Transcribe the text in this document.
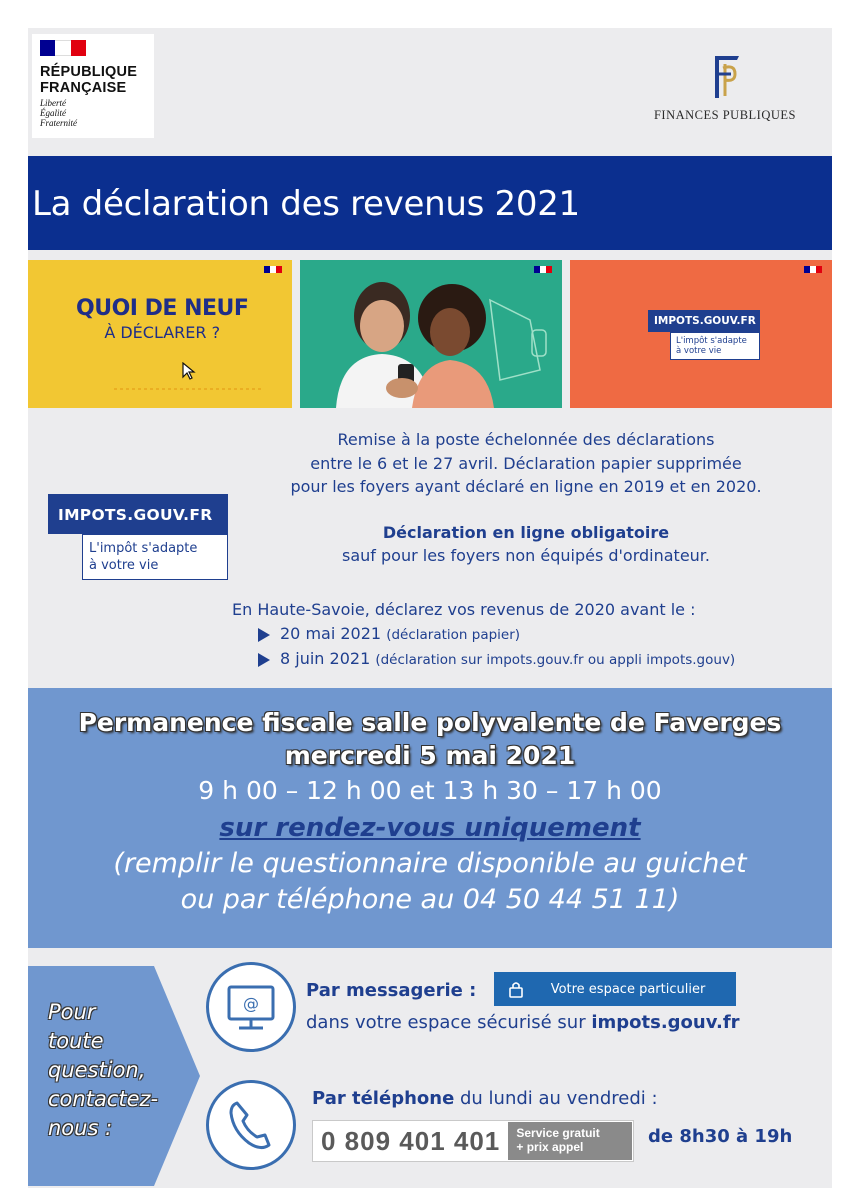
RÉPUBLIQUE
FRANÇAISE
Liberté
Égalité
Fraternité
FINANCES PUBLIQUES
La déclaration des revenus 2021
QUOI DE NEUF
À DÉCLARER ?
IMPOTS.GOUV.FR
L'impôt s'adapte à votre vie
IMPOTS.GOUV.FR
L'impôt s'adapte
à votre vie
Remise à la poste échelonnée des déclarations
entre le 6 et le 27 avril. Déclaration papier supprimée
pour les foyers ayant déclaré en ligne en 2019 et en 2020.
Déclaration en ligne obligatoire
sauf pour les foyers non équipés d'ordinateur.
En Haute-Savoie, déclarez vos revenus de 2020 avant le :
20 mai 2021 (déclaration papier)
8 juin 2021 (déclaration sur impots.gouv.fr ou appli impots.gouv)
Permanence fiscale salle polyvalente de Faverges
mercredi 5 mai 2021
9 h 00 – 12 h 00 et 13 h 30 – 17 h 00
sur rendez-vous uniquement
(remplir le questionnaire disponible au guichet
ou par téléphone au 04 50 44 51 11)
Pour
toute
question,
contactez-
nous :
@
Par messagerie :	Votre espace particulier
dans votre espace sécurisé sur impots.gouv.fr
Par téléphone du lundi au vendredi :
0 809 401 401	Service gratuit
+ prix appel	de 8h30 à 19h
